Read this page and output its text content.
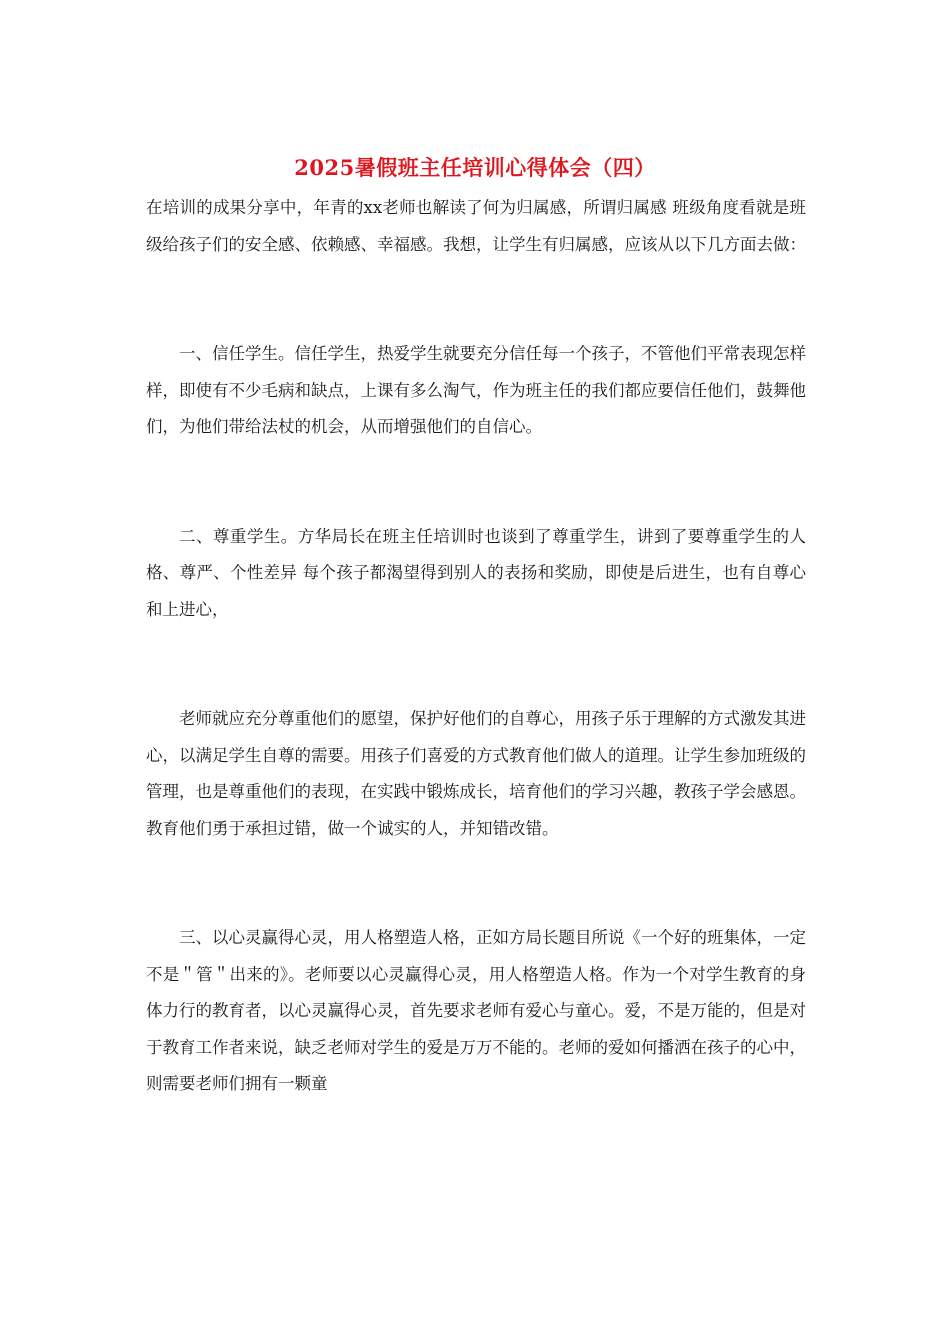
2025暑假班主任培训心得体会（四）

在培训的成果分享中，年青的xx老师也解读了何为归属感，所谓归属感 班级角度看就是班级给孩子们的安全感、依赖感、幸福感。我想，让学生有归属感，应该从以下几方面去做：

一、信任学生。信任学生，热爱学生就要充分信任每一个孩子，不管他们平常表现怎样样，即使有不少毛病和缺点，上课有多么淘气，作为班主任的我们都应要信任他们，鼓舞他们，为他们带给法杖的机会，从而增强他们的自信心。

二、尊重学生。方华局长在班主任培训时也谈到了尊重学生，讲到了要尊重学生的人格、尊严、个性差异 每个孩子都渴望得到别人的表扬和奖励，即使是后进生，也有自尊心和上进心，

老师就应充分尊重他们的愿望，保护好他们的自尊心，用孩子乐于理解的方式激发其进心，以满足学生自尊的需要。用孩子们喜爱的方式教育他们做人的道理。让学生参加班级的管理，也是尊重他们的表现，在实践中锻炼成长，培育他们的学习兴趣，教孩子学会感恩。教育他们勇于承担过错，做一个诚实的人，并知错改错。

三、以心灵赢得心灵，用人格塑造人格，正如方局长题目所说《一个好的班集体，一定不是＂管＂出来的》。老师要以心灵赢得心灵，用人格塑造人格。作为一个对学生教育的身体力行的教育者，以心灵赢得心灵，首先要求老师有爱心与童心。爱，不是万能的，但是对于教育工作者来说，缺乏老师对学生的爱是万万不能的。老师的爱如何播洒在孩子的心中，则需要老师们拥有一颗童
